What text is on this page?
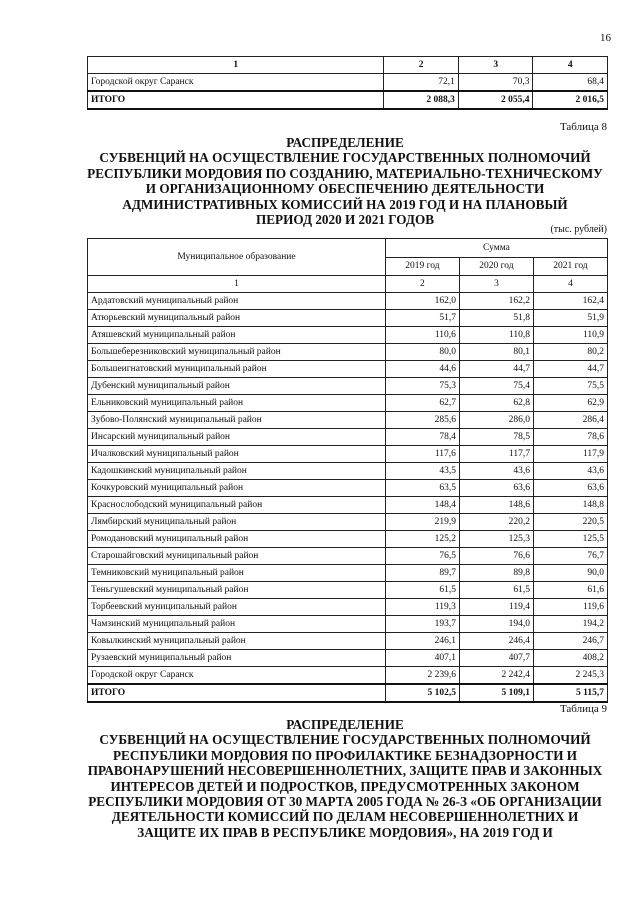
16
1	2	3	4
Городской округ Саранск	72,1	70,3	68,4
ИТОГО	2 088,3	2 055,4	2 016,5
Таблица 8
РАСПРЕДЕЛЕНИЕ
СУБВЕНЦИЙ НА ОСУЩЕСТВЛЕНИЕ ГОСУДАРСТВЕННЫХ ПОЛНОМОЧИЙ
РЕСПУБЛИКИ МОРДОВИЯ ПО СОЗДАНИЮ, МАТЕРИАЛЬНО-ТЕХНИЧЕСКОМУ
И ОРГАНИЗАЦИОННОМУ ОБЕСПЕЧЕНИЮ ДЕЯТЕЛЬНОСТИ
АДМИНИСТРАТИВНЫХ КОМИССИЙ НА 2019 ГОД И НА ПЛАНОВЫЙ
ПЕРИОД 2020 И 2021 ГОДОВ
(тыс. рублей)
Муниципальное образование	Сумма		
	2019 год	2020 год	2021 год
1	2	3	4
Ардатовский муниципальный район	162,0	162,2	162,4
Атюрьевский муниципальный район	51,7	51,8	51,9
Атяшевский муниципальный район	110,6	110,8	110,9
Большеберезниковский муниципальный район	80,0	80,1	80,2
Большеигнатовский муниципальный район	44,6	44,7	44,7
Дубенский муниципальный район	75,3	75,4	75,5
Ельниковский муниципальный район	62,7	62,8	62,9
Зубово-Полянский муниципальный район	285,6	286,0	286,4
Инсарский муниципальный район	78,4	78,5	78,6
Ичалковский муниципальный район	117,6	117,7	117,9
Кадошкинский муниципальный район	43,5	43,6	43,6
Кочкуровский муниципальный район	63,5	63,6	63,6
Краснослободский муниципальный район	148,4	148,6	148,8
Лямбирский муниципальный район	219,9	220,2	220,5
Ромодановский муниципальный район	125,2	125,3	125,5
Старошайговский муниципальный район	76,5	76,6	76,7
Темниковский муниципальный район	89,7	89,8	90,0
Теньгушевский муниципальный район	61,5	61,5	61,6
Торбеевский муниципальный район	119,3	119,4	119,6
Чамзинский муниципальный район	193,7	194,0	194,2
Ковылкинский муниципальный район	246,1	246,4	246,7
Рузаевский муниципальный район	407,1	407,7	408,2
Городской округ Саранск	2 239,6	2 242,4	2 245,3
ИТОГО	5 102,5	5 109,1	5 115,7
Таблица 9
РАСПРЕДЕЛЕНИЕ
СУБВЕНЦИЙ НА ОСУЩЕСТВЛЕНИЕ ГОСУДАРСТВЕННЫХ ПОЛНОМОЧИЙ
РЕСПУБЛИКИ МОРДОВИЯ ПО ПРОФИЛАКТИКЕ БЕЗНАДЗОРНОСТИ И
ПРАВОНАРУШЕНИЙ НЕСОВЕРШЕННОЛЕТНИХ, ЗАЩИТЕ ПРАВ И ЗАКОННЫХ
ИНТЕРЕСОВ ДЕТЕЙ И ПОДРОСТКОВ, ПРЕДУСМОТРЕННЫХ ЗАКОНОМ
РЕСПУБЛИКИ МОРДОВИЯ ОТ 30 МАРТА 2005 ГОДА № 26-З «ОБ ОРГАНИЗАЦИИ
ДЕЯТЕЛЬНОСТИ КОМИССИЙ ПО ДЕЛАМ НЕСОВЕРШЕННОЛЕТНИХ И
ЗАЩИТЕ ИХ ПРАВ В РЕСПУБЛИКЕ МОРДОВИЯ», НА 2019 ГОД И
